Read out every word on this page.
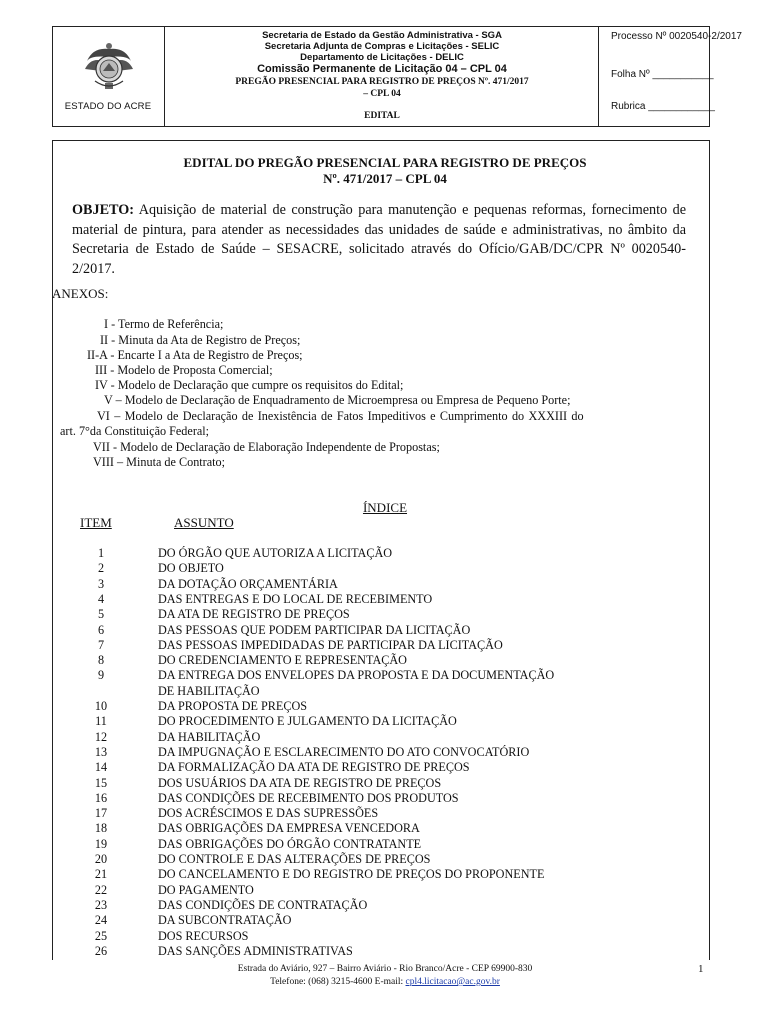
ESTADO DO ACRE
Secretaria de Estado da Gestão Administrativa - SGA
Secretaria Adjunta de Compras e Licitações - SELIC
Departamento de Licitações - DELIC
Comissão Permanente de Licitação 04 – CPL 04
PREGÃO PRESENCIAL PARA REGISTRO DE PREÇOS Nº. 471/2017
– CPL 04
EDITAL
Processo Nº 0020540-2/2017
Folha Nº ___________
Rubrica ____________
EDITAL DO PREGÃO PRESENCIAL PARA REGISTRO DE PREÇOS
Nº. 471/2017 – CPL 04
OBJETO: Aquisição de material de construção para manutenção e pequenas reformas, fornecimento de material de pintura, para atender as necessidades das unidades de saúde e administrativas, no âmbito da Secretaria de Estado de Saúde – SESACRE, solicitado através do Ofício/GAB/DC/CPR Nº 0020540-2/2017.
ANEXOS:
I - Termo de Referência;
II - Minuta da Ata de Registro de Preços;
II-A - Encarte I a Ata de Registro de Preços;
III - Modelo de Proposta Comercial;
IV - Modelo de Declaração que cumpre os requisitos do Edital;
V – Modelo de Declaração de Enquadramento de Microempresa ou Empresa de Pequeno Porte;
VI – Modelo de Declaração de Inexistência de Fatos Impeditivos e Cumprimento do XXXIII do
art. 7°da Constituição Federal;
VII - Modelo de Declaração de Elaboração Independente de Propostas;
VIII – Minuta de Contrato;
ÍNDICE
ITEM	ASSUNTO
1	DO ÓRGÃO QUE AUTORIZA A LICITAÇÃO
2	DO OBJETO
3	DA DOTAÇÃO ORÇAMENTÁRIA
4	DAS ENTREGAS E DO LOCAL DE RECEBIMENTO
5	DA ATA DE REGISTRO DE PREÇOS
6	DAS PESSOAS QUE PODEM PARTICIPAR DA LICITAÇÃO
7	DAS PESSOAS IMPEDIDADAS DE PARTICIPAR DA LICITAÇÃO
8	DO CREDENCIAMENTO E REPRESENTAÇÃO
9	DA ENTREGA DOS ENVELOPES DA PROPOSTA E DA DOCUMENTAÇÃO
DE HABILITAÇÃO
10	DA PROPOSTA DE PREÇOS
11	DO PROCEDIMENTO E JULGAMENTO DA LICITAÇÃO
12	DA HABILITAÇÃO
13	DA IMPUGNAÇÃO E ESCLARECIMENTO DO ATO CONVOCATÓRIO
14	DA FORMALIZAÇÃO DA ATA DE REGISTRO DE PREÇOS
15	DOS USUÁRIOS DA ATA DE REGISTRO DE PREÇOS
16	DAS CONDIÇÕES DE RECEBIMENTO DOS PRODUTOS
17	DOS ACRÉSCIMOS E DAS SUPRESSÕES
18	DAS OBRIGAÇÕES DA EMPRESA VENCEDORA
19	DAS OBRIGAÇÕES DO ÓRGÃO CONTRATANTE
20	DO CONTROLE E DAS ALTERAÇÕES DE PREÇOS
21	DO CANCELAMENTO E DO REGISTRO DE PREÇOS DO PROPONENTE
22	DO PAGAMENTO
23	DAS CONDIÇÕES DE CONTRATAÇÃO
24	DA SUBCONTRATAÇÃO
25	DOS RECURSOS
26	DAS SANÇÕES ADMINISTRATIVAS
Estrada do Aviário, 927 – Bairro Aviário - Rio Branco/Acre - CEP 69900-830
Telefone: (068) 3215-4600 E-mail: cpl4.licitacao@ac.gov.br
1
